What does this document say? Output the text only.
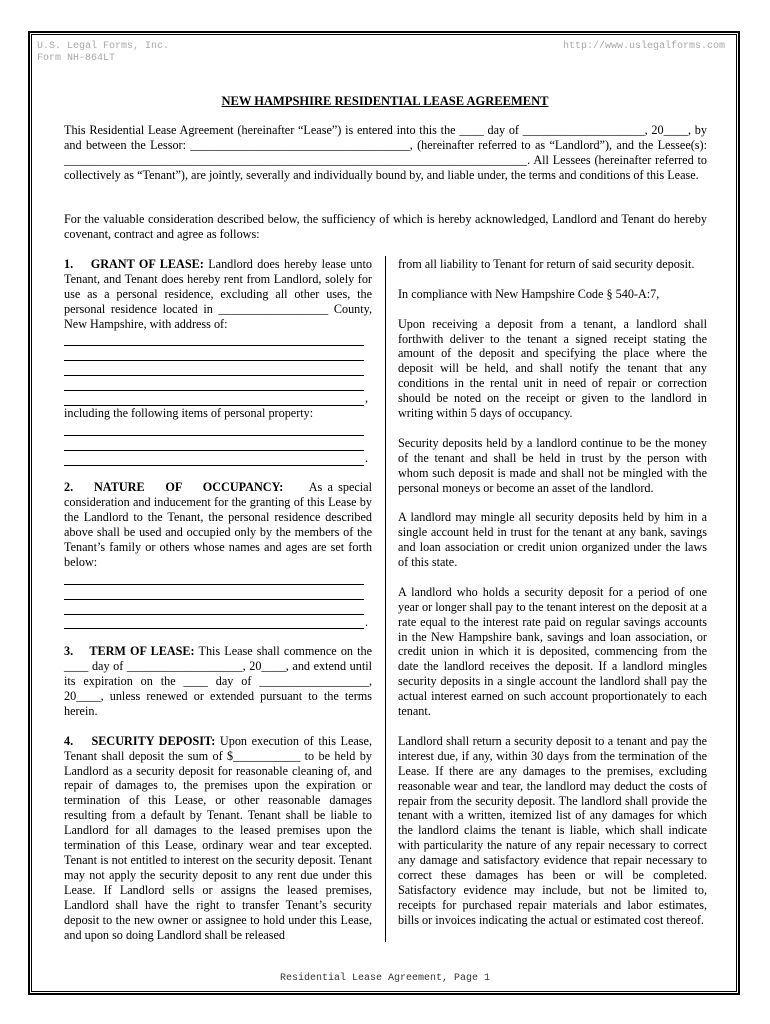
U.S. Legal Forms, Inc.
Form NH-864LT
http://www.uslegalforms.com
NEW HAMPSHIRE RESIDENTIAL LEASE AGREEMENT
This Residential Lease Agreement (hereinafter “Lease”) is entered into this the ____ day of ____________________, 20____, by and between the Lessor: ____________________________________, (hereinafter referred to as “Landlord”), and the Lessee(s): ____________________________________________________________________________. All Lessees (hereinafter referred to collectively as “Tenant”), are jointly, severally and individually bound by, and liable under, the terms and conditions of this Lease.
For the valuable consideration described below, the sufficiency of which is hereby acknowledged, Landlord and Tenant do hereby covenant, contract and agree as follows:

1.    GRANT OF LEASE: Landlord does hereby lease unto Tenant, and Tenant does hereby rent from Landlord, solely for use as a personal residence, excluding all other uses, the personal residence located in __________________ County, New Hampshire, with address of:

,

including the following items of personal property:

.

2.    NATURE    OF    OCCUPANCY:     As a special consideration and inducement for the granting of this Lease by the Landlord to the Tenant, the personal residence described above shall be used and occupied only by the members of the Tenant’s family or others whose names and ages are set forth below:

.

3.    TERM OF LEASE: This Lease shall commence on the ____ day of ___________________, 20____, and extend until its expiration on the ____ day of __________________, 20____, unless renewed or extended pursuant to the terms herein.

4.    SECURITY DEPOSIT: Upon execution of this Lease, Tenant shall deposit the sum of $___________ to be held by Landlord as a security deposit for reasonable cleaning of, and repair of damages to, the premises upon the expiration or termination of this Lease, or other reasonable damages resulting from a default by Tenant. Tenant shall be liable to Landlord for all damages to the leased premises upon the termination of this Lease, ordinary wear and tear excepted. Tenant is not entitled to interest on the security deposit. Tenant may not apply the security deposit to any rent due under this Lease. If Landlord sells or assigns the leased premises, Landlord shall have the right to transfer Tenant’s security deposit to the new owner or assignee to hold under this Lease, and upon so doing Landlord shall be released

from all liability to Tenant for return of said security deposit.

In compliance with New Hampshire Code § 540-A:7,

Upon receiving a deposit from a tenant, a landlord shall forthwith deliver to the tenant a signed receipt stating the amount of the deposit and specifying the place where the deposit will be held, and shall notify the tenant that any conditions in the rental unit in need of repair or correction should be noted on the receipt or given to the landlord in writing within 5 days of occupancy.

Security deposits held by a landlord continue to be the money of the tenant and shall be held in trust by the person with whom such deposit is made and shall not be mingled with the personal moneys or become an asset of the landlord.

A landlord may mingle all security deposits held by him in a single account held in trust for the tenant at any bank, savings and loan association or credit union organized under the laws of this state.

A landlord who holds a security deposit for a period of one year or longer shall pay to the tenant interest on the deposit at a rate equal to the interest rate paid on regular savings accounts in the New Hampshire bank, savings and loan association, or credit union in which it is deposited, commencing from the date the landlord receives the deposit. If a landlord mingles security deposits in a single account the landlord shall pay the actual interest earned on such account proportionately to each tenant.

Landlord shall return a security deposit to a tenant and pay the interest due, if any, within 30 days from the termination of the Lease. If there are any damages to the premises, excluding reasonable wear and tear, the landlord may deduct the costs of repair from the security deposit. The landlord shall provide the tenant with a written, itemized list of any damages for which the landlord claims the tenant is liable, which shall indicate with particularity the nature of any repair necessary to correct any damage and satisfactory evidence that repair necessary to correct these damages has been or will be completed. Satisfactory evidence may include, but not be limited to, receipts for purchased repair materials and labor estimates, bills or invoices indicating the actual or estimated cost thereof.

Residential Lease Agreement, Page 1
